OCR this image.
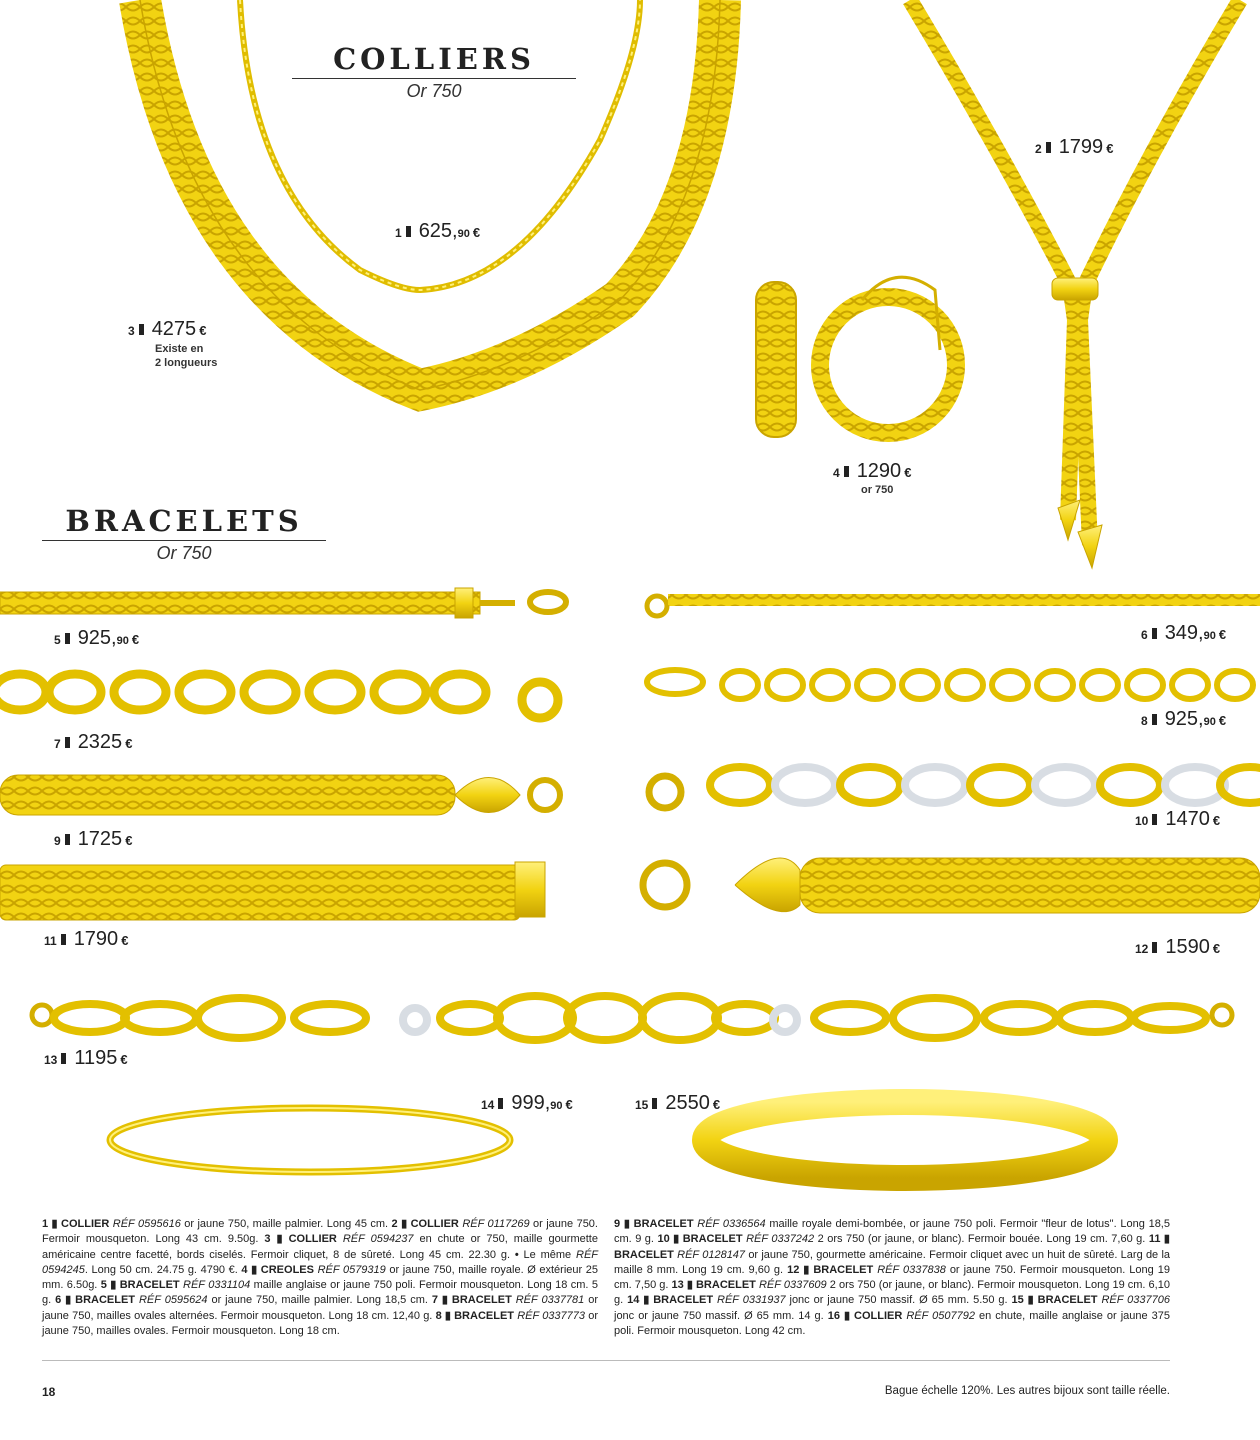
COLLIERS
Or 750
BRACELETS
Or 750
1 625, 90 €
2 1799 €
3 4275 €
Existe en
2 longueurs
4 1290 €
or 750
5 925, 90 €	6 349, 90 €
7 2325 €
8 925, 90 €
9 1725 €
10 1470 €
11 1790 €
12 1590 €
13 1195 €
14 999, 90 €	15 2550 €
1 ▮ COLLIER RÉF 0595616 or jaune 750, maille palmier. Long 45 cm. 2 ▮ COLLIER RÉF 0117269 or jaune 750. Fermoir mousqueton. Long 43 cm. 9.50g. 3 ▮ COLLIER RÉF 0594237 en chute or 750, maille gourmette américaine centre facetté, bords ciselés. Fermoir cliquet, 8 de sûreté. Long 45 cm. 22.30 g. • Le même RÉF 0594245. Long 50 cm. 24.75 g. 4790 €. 4 ▮ CREOLES RÉF 0579319 or jaune 750, maille royale. Ø extérieur 25 mm. 6.50g. 5 ▮ BRACELET RÉF 0331104 maille anglaise or jaune 750 poli. Fermoir mousqueton. Long 18 cm. 5 g. 6 ▮ BRACELET RÉF 0595624 or jaune 750, maille palmier. Long 18,5 cm. 7 ▮ BRACELET RÉF 0337781 or jaune 750, mailles ovales alternées. Fermoir mousqueton. Long 18 cm. 12,40 g. 8 ▮ BRACELET RÉF 0337773 or jaune 750, mailles ovales. Fermoir mousqueton. Long 18 cm.
9 ▮ BRACELET RÉF 0336564 maille royale demi-bombée, or jaune 750 poli. Fermoir "fleur de lotus". Long 18,5 cm. 9 g. 10 ▮ BRACELET RÉF 0337242 2 ors 750 (or jaune, or blanc). Fermoir bouée. Long 19 cm. 7,60 g. 11 ▮ BRACELET RÉF 0128147 or jaune 750, gourmette américaine. Fermoir cliquet avec un huit de sûreté. Larg de la maille 8 mm. Long 19 cm. 9,60 g. 12 ▮ BRACELET RÉF 0337838 or jaune 750. Fermoir mousqueton. Long 19 cm. 7,50 g. 13 ▮ BRACELET RÉF 0337609 2 ors 750 (or jaune, or blanc). Fermoir mousqueton. Long 19 cm. 6,10 g. 14 ▮ BRACELET RÉF 0331937 jonc or jaune 750 massif. Ø 65 mm. 5.50 g. 15 ▮ BRACELET RÉF 0337706 jonc or jaune 750 massif. Ø 65 mm. 14 g. 16 ▮ COLLIER RÉF 0507792 en chute, maille anglaise or jaune 375 poli. Fermoir mousqueton. Long 42 cm.
18	Bague échelle 120%. Les autres bijoux sont taille réelle.
